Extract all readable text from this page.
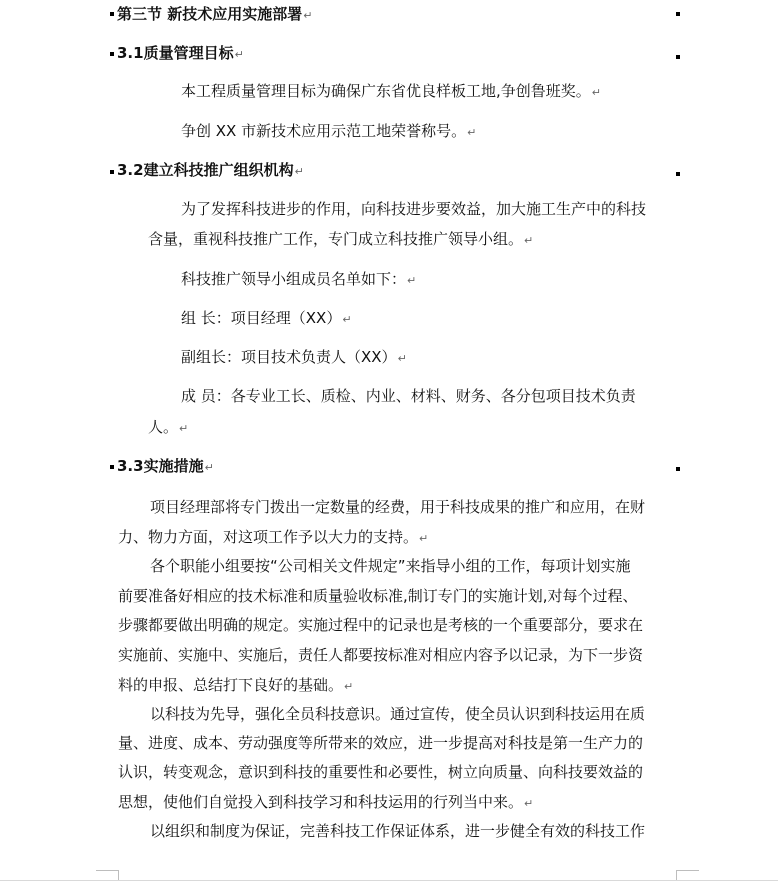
第三节 新技术应用实施部署↵
3.1质量管理目标↵
本工程质量管理目标为确保广东省优良样板工地,争创鲁班奖。↵
争创 XX 市新技术应用示范工地荣誉称号。↵
3.2建立科技推广组织机构↵
为了发挥科技进步的作用，向科技进步要效益，加大施工生产中的科技
含量，重视科技推广工作，专门成立科技推广领导小组。↵
科技推广领导小组成员名单如下：↵
组 长：项目经理（XX）↵
副组长：项目技术负责人（XX）↵
成 员：各专业工长、质检、内业、材料、财务、各分包项目技术负责
人。↵
3.3实施措施↵
项目经理部将专门拨出一定数量的经费，用于科技成果的推广和应用，在财
力、物力方面，对这项工作予以大力的支持。↵
各个职能小组要按“公司相关文件规定”来指导小组的工作，每项计划实施
前要准备好相应的技术标准和质量验收标准,制订专门的实施计划,对每个过程、
步骤都要做出明确的规定。实施过程中的记录也是考核的一个重要部分，要求在
实施前、实施中、实施后，责任人都要按标准对相应内容予以记录，为下一步资
料的申报、总结打下良好的基础。↵
以科技为先导，强化全员科技意识。通过宣传，使全员认识到科技运用在质
量、进度、成本、劳动强度等所带来的效应，进一步提高对科技是第一生产力的
认识，转变观念，意识到科技的重要性和必要性，树立向质量、向科技要效益的
思想，使他们自觉投入到科技学习和科技运用的行列当中来。↵
以组织和制度为保证，完善科技工作保证体系，进一步健全有效的科技工作
